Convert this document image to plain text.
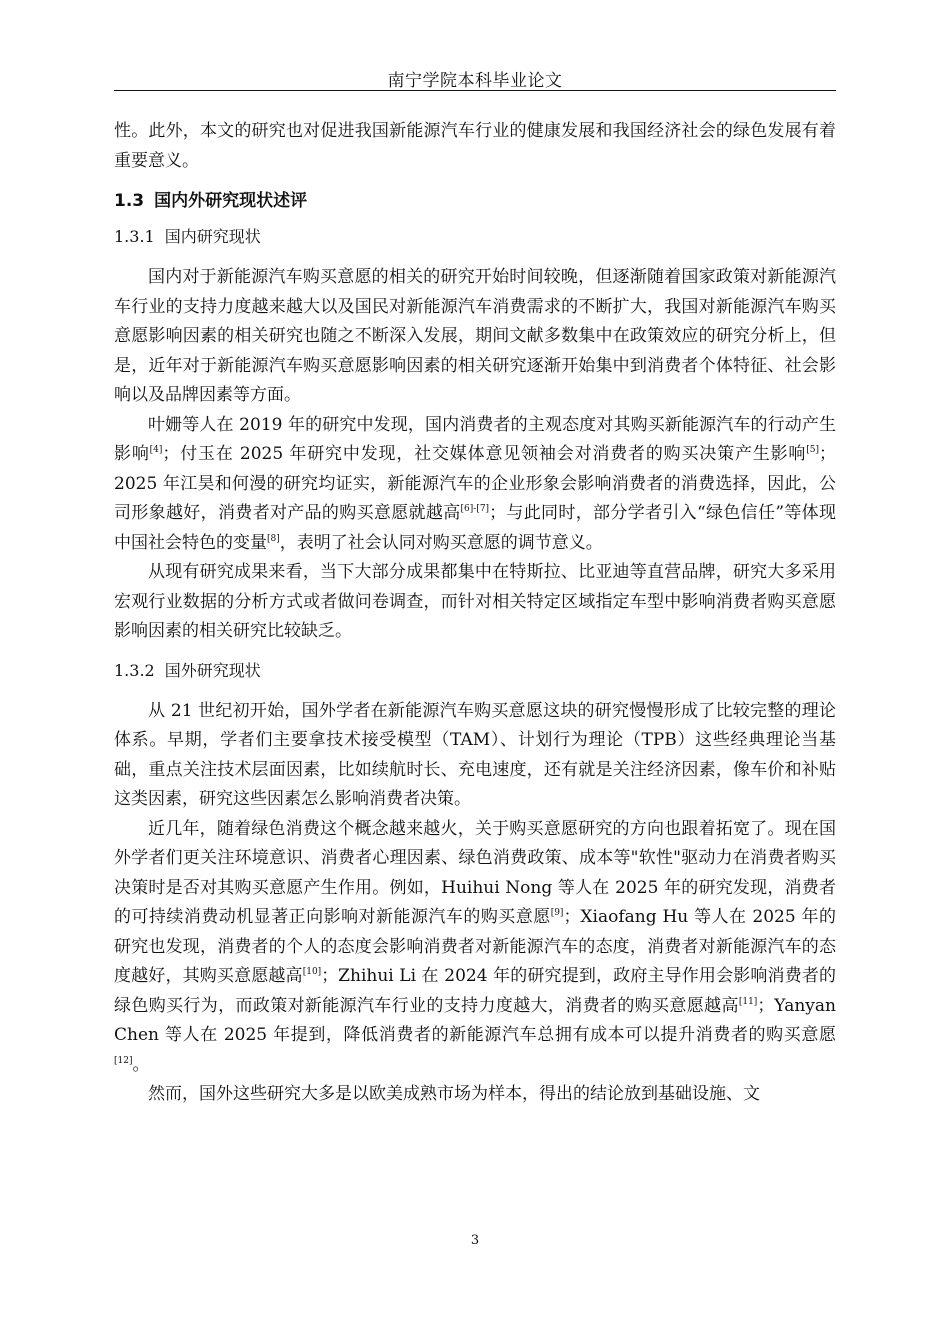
南宁学院本科毕业论文

性。此外，本文的研究也对促进我国新能源汽车行业的健康发展和我国经济社会的绿色发展有着重要意义。

1.3 国内外研究现状述评
1.3.1 国内研究现状

国内对于新能源汽车购买意愿的相关的研究开始时间较晚，但逐渐随着国家政策对新能源汽车行业的支持力度越来越大以及国民对新能源汽车消费需求的不断扩大，我国对新能源汽车购买意愿影响因素的相关研究也随之不断深入发展，期间文献多数集中在政策效应的研究分析上，但是，近年对于新能源汽车购买意愿影响因素的相关研究逐渐开始集中到消费者个体特征、社会影响以及品牌因素等方面。

叶姗等人在 2019 年的研究中发现，国内消费者的主观态度对其购买新能源汽车的行动产生影响[4]；付玉在 2025 年研究中发现，社交媒体意见领袖会对消费者的购买决策产生影响[5]；2025 年江昊和何漫的研究均证实，新能源汽车的企业形象会影响消费者的消费选择，因此，公司形象越好，消费者对产品的购买意愿就越高[6]-[7]；与此同时，部分学者引入“绿色信任”等体现中国社会特色的变量[8]，表明了社会认同对购买意愿的调节意义。

从现有研究成果来看，当下大部分成果都集中在特斯拉、比亚迪等直营品牌，研究大多采用宏观行业数据的分析方式或者做问卷调查，而针对相关特定区域指定车型中影响消费者购买意愿影响因素的相关研究比较缺乏。

1.3.2 国外研究现状

从 21 世纪初开始，国外学者在新能源汽车购买意愿这块的研究慢慢形成了比较完整的理论体系。早期，学者们主要拿技术接受模型（TAM）、计划行为理论（TPB）这些经典理论当基础，重点关注技术层面因素，比如续航时长、充电速度，还有就是关注经济因素，像车价和补贴这类因素，研究这些因素怎么影响消费者决策。

近几年，随着绿色消费这个概念越来越火，关于购买意愿研究的方向也跟着拓宽了。现在国外学者们更关注环境意识、消费者心理因素、绿色消费政策、成本等"软性"驱动力在消费者购买决策时是否对其购买意愿产生作用。例如，Huihui Nong 等人在 2025 年的研究发现，消费者的可持续消费动机显著正向影响对新能源汽车的购买意愿[9]；Xiaofang Hu 等人在 2025 年的研究也发现，消费者的个人的态度会影响消费者对新能源汽车的态度，消费者对新能源汽车的态度越好，其购买意愿越高[10]；Zhihui Li 在 2024 年的研究提到，政府主导作用会影响消费者的绿色购买行为，而政策对新能源汽车行业的支持力度越大，消费者的购买意愿越高[11]；Yanyan Chen 等人在 2025 年提到，降低消费者的新能源汽车总拥有成本可以提升消费者的购买意愿[12]。

然而，国外这些研究大多是以欧美成熟市场为样本，得出的结论放到基础设施、文

3
